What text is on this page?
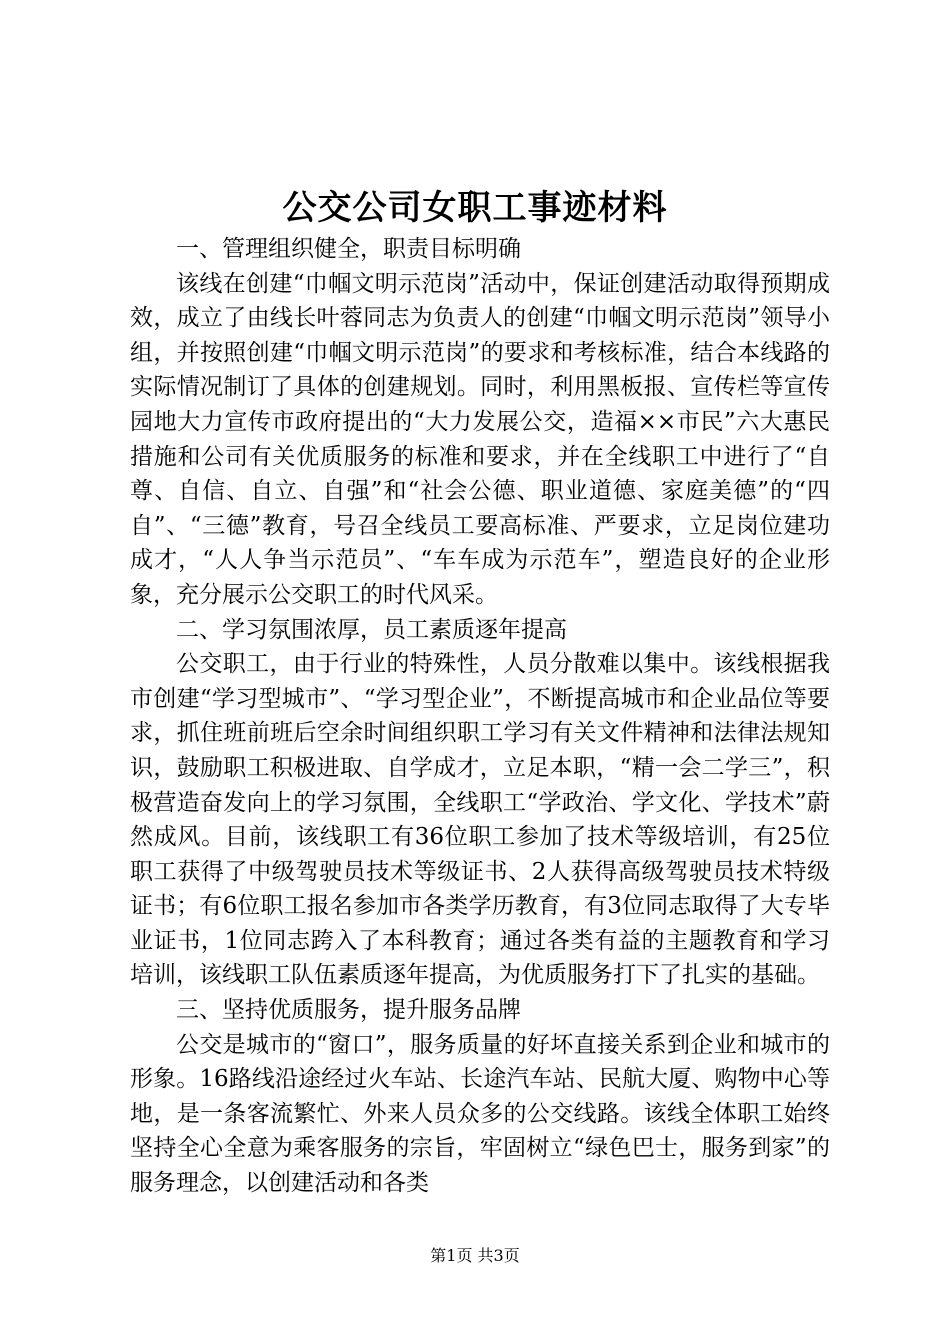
公交公司女职工事迹材料
一、管理组织健全，职责目标明确

该线在创建“巾帼文明示范岗”活动中，保证创建活动取得预期成效，成立了由线长叶蓉同志为负责人的创建“巾帼文明示范岗”领导小组，并按照创建“巾帼文明示范岗”的要求和考核标准，结合本线路的实际情况制订了具体的创建规划。同时，利用黑板报、宣传栏等宣传园地大力宣传市政府提出的“大力发展公交，造福××市民”六大惠民措施和公司有关优质服务的标准和要求，并在全线职工中进行了“自尊、自信、自立、自强”和“社会公德、职业道德、家庭美德”的“四自”、“三德”教育，号召全线员工要高标准、严要求，立足岗位建功成才，“人人争当示范员”、“车车成为示范车”，塑造良好的企业形象，充分展示公交职工的时代风采。

二、学习氛围浓厚，员工素质逐年提高

公交职工，由于行业的特殊性，人员分散难以集中。该线根据我市创建“学习型城市”、“学习型企业”，不断提高城市和企业品位等要求，抓住班前班后空余时间组织职工学习有关文件精神和法律法规知识，鼓励职工积极进取、自学成才，立足本职，“精一会二学三”，积极营造奋发向上的学习氛围，全线职工“学政治、学文化、学技术”蔚然成风。目前，该线职工有36位职工参加了技术等级培训，有25位职工获得了中级驾驶员技术等级证书、2人获得高级驾驶员技术特级证书；有6位职工报名参加市各类学历教育，有3位同志取得了大专毕业证书，1位同志跨入了本科教育；通过各类有益的主题教育和学习培训，该线职工队伍素质逐年提高，为优质服务打下了扎实的基础。

三、坚持优质服务，提升服务品牌

公交是城市的“窗口”，服务质量的好坏直接关系到企业和城市的形象。16路线沿途经过火车站、长途汽车站、民航大厦、购物中心等地，是一条客流繁忙、外来人员众多的公交线路。该线全体职工始终坚持全心全意为乘客服务的宗旨，牢固树立“绿色巴士，服务到家”的服务理念，以创建活动和各类

第1页 共3页
